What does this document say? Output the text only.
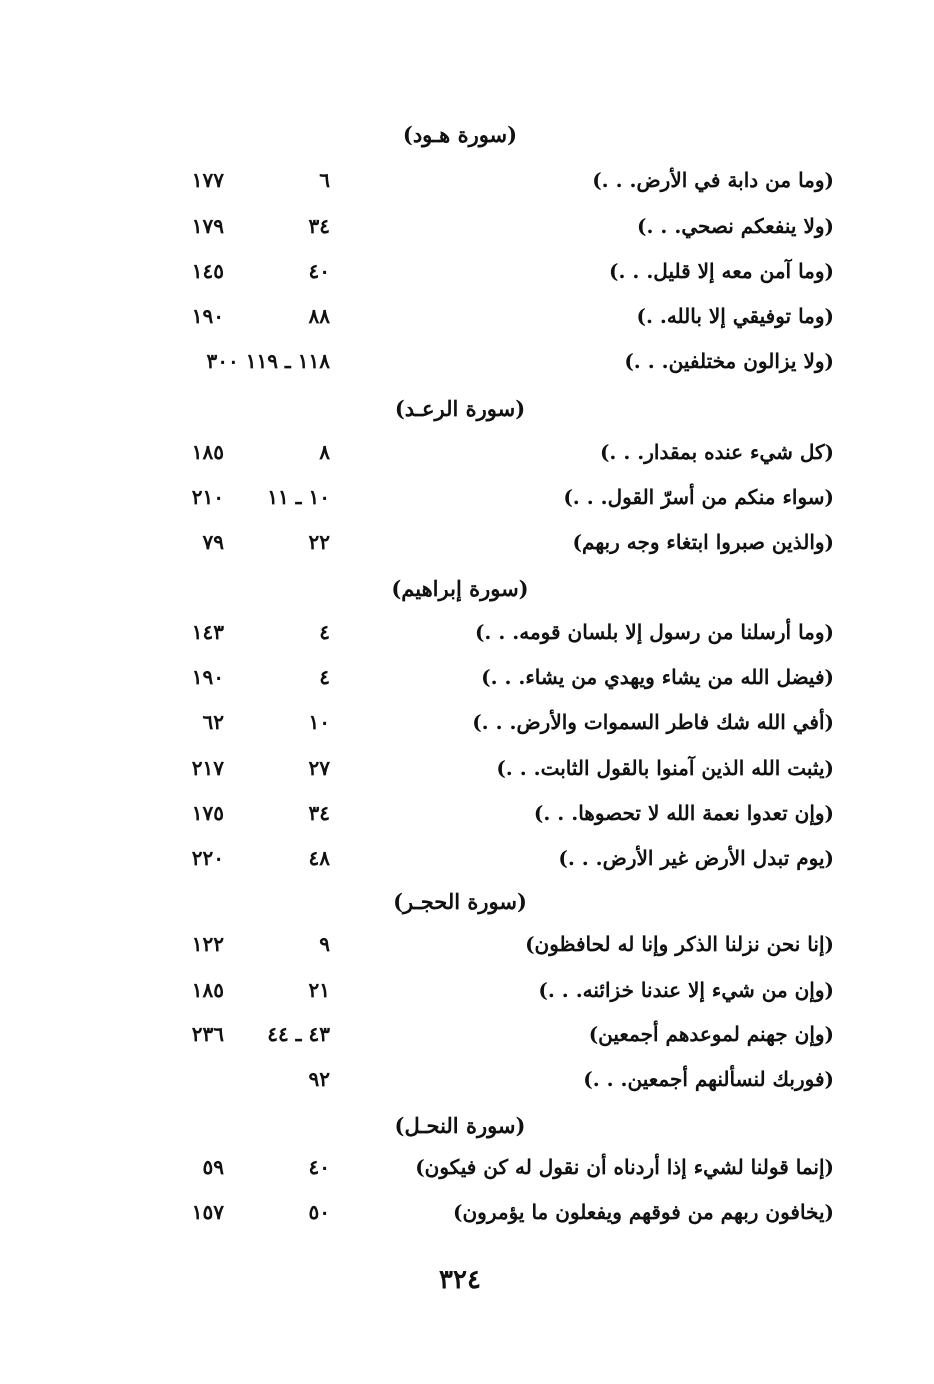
(سورة هـود)
(وما من دابة في الأرض. . .)
٦
١٧٧
(ولا ينفعكم نصحي. . .)
٣٤
١٧٩
(وما آمن معه إلا قليل. . .)
٤٠
١٤٥
(وما توفيقي إلا بالله. .)
٨٨
١٩٠
(ولا يزالون مختلفين. . .)
١١٨ ـ ١١٩ ٣٠٠
(سورة الرعـد)
(كل شيء عنده بمقدار. . .)
٨
١٨٥
(سواء منكم من أسرّ القول. . .)
١٠ ـ ١١
٢١٠
(والذين صبروا ابتغاء وجه ربهم)
٢٢
٧٩
(سورة إبراهيم)
(وما أرسلنا من رسول إلا بلسان قومه. . .)
٤
١٤٣
(فيضل الله من يشاء ويهدي من يشاء. . .)
٤
١٩٠
(أفي الله شك فاطر السموات والأرض. . .)
١٠
٦٢
(يثبت الله الذين آمنوا بالقول الثابت. . .)
٢٧
٢١٧
(وإن تعدوا نعمة الله لا تحصوها. . .)
٣٤
١٧٥
(يوم تبدل الأرض غير الأرض. . .)
٤٨
٢٢٠
(سورة الحجـر)
(إنا نحن نزلنا الذكر وإنا له لحافظون)
٩
١٢٢
(وإن من شيء إلا عندنا خزائنه. . .)
٢١
١٨٥
(وإن جهنم لموعدهم أجمعين)
٤٣ ـ ٤٤
٢٣٦
(فوربك لنسألنهم أجمعين. . .)
٩٢
(سورة النحـل)
(إنما قولنا لشيء إذا أردناه أن نقول له كن فيكون)
٤٠
٥٩
(يخافون ربهم من فوقهم ويفعلون ما يؤمرون)
٥٠
١٥٧
٣٢٤
